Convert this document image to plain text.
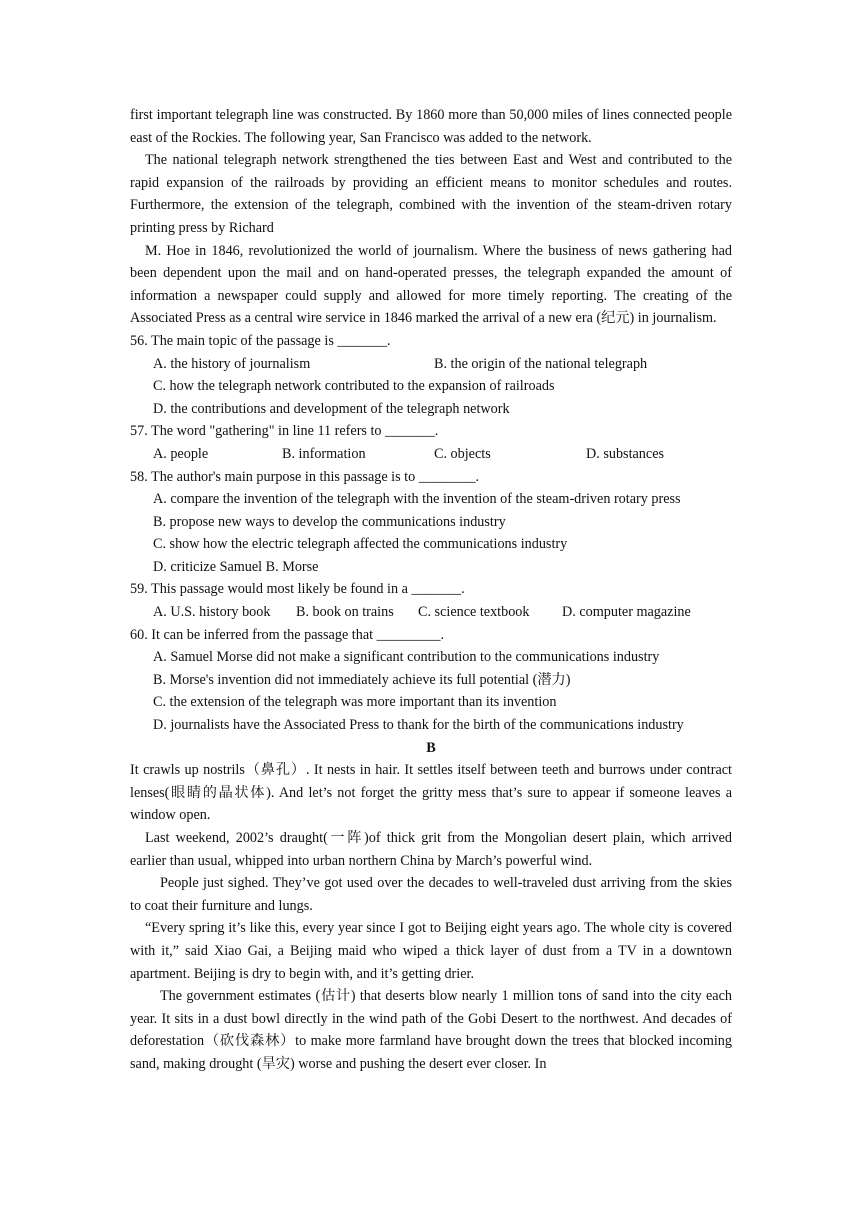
first important telegraph line was constructed. By 1860 more than 50,000 miles of lines connected people east of the Rockies. The following year, San Francisco was added to the network.

The national telegraph network strengthened the ties between East and West and contributed to the rapid expansion of the railroads by providing an efficient means to monitor schedules and routes. Furthermore, the extension of the telegraph, combined with the invention of the steam-driven rotary printing press by Richard

M. Hoe in 1846, revolutionized the world of journalism. Where the business of news gathering had been dependent upon the mail and on hand-operated presses, the telegraph expanded the amount of information a newspaper could supply and allowed for more timely reporting. The creating of the Associated Press as a central wire service in 1846 marked the arrival of a new era (纪元) in journalism.

56. The main topic of the passage is _______.

A. the history of journalism	B. the origin of the national telegraph

C. how the telegraph network contributed to the expansion of railroads

D. the contributions and development of the telegraph network

57. The word "gathering" in line 11 refers to _______.

A. people	B. information	C. objects	D. substances

58. The author's main purpose in this passage is to ________.

A. compare the invention of the telegraph with the invention of the steam-driven rotary press

B. propose new ways to develop the communications industry

C. show how the electric telegraph affected the communications industry

D. criticize Samuel B. Morse

59. This passage would most likely be found in a _______.

A. U.S. history book	B. book on trains	C. science textbook	D. computer magazine

60. It can be inferred from the passage that _________.

A. Samuel Morse did not make a significant contribution to the communications industry

B. Morse's invention did not immediately achieve its full potential (潜力)

C. the extension of the telegraph was more important than its invention

D. journalists have the Associated Press to thank for the birth of the communications industry

B

It crawls up nostrils（鼻孔）. It nests in hair. It settles itself between teeth and burrows under contract lenses(眼睛的晶状体). And let’s not forget the gritty mess that’s sure to appear if someone leaves a window open.

Last weekend, 2002’s draught(一阵)of thick grit from the Mongolian desert plain, which arrived earlier than usual, whipped into urban northern China by March’s powerful wind.

People just sighed. They’ve got used over the decades to well-traveled dust arriving from the skies to coat their furniture and lungs.

“Every spring it’s like this, every year since I got to Beijing eight years ago. The whole city is covered with it,” said Xiao Gai, a Beijing maid who wiped a thick layer of dust from a TV in a downtown apartment. Beijing is dry to begin with, and it’s getting drier.

The government estimates (估计) that deserts blow nearly 1 million tons of sand into the city each year. It sits in a dust bowl directly in the wind path of the Gobi Desert to the northwest. And decades of deforestation（砍伐森林）to make more farmland have brought down the trees that blocked incoming sand, making drought (旱灾) worse and pushing the desert ever closer. In
